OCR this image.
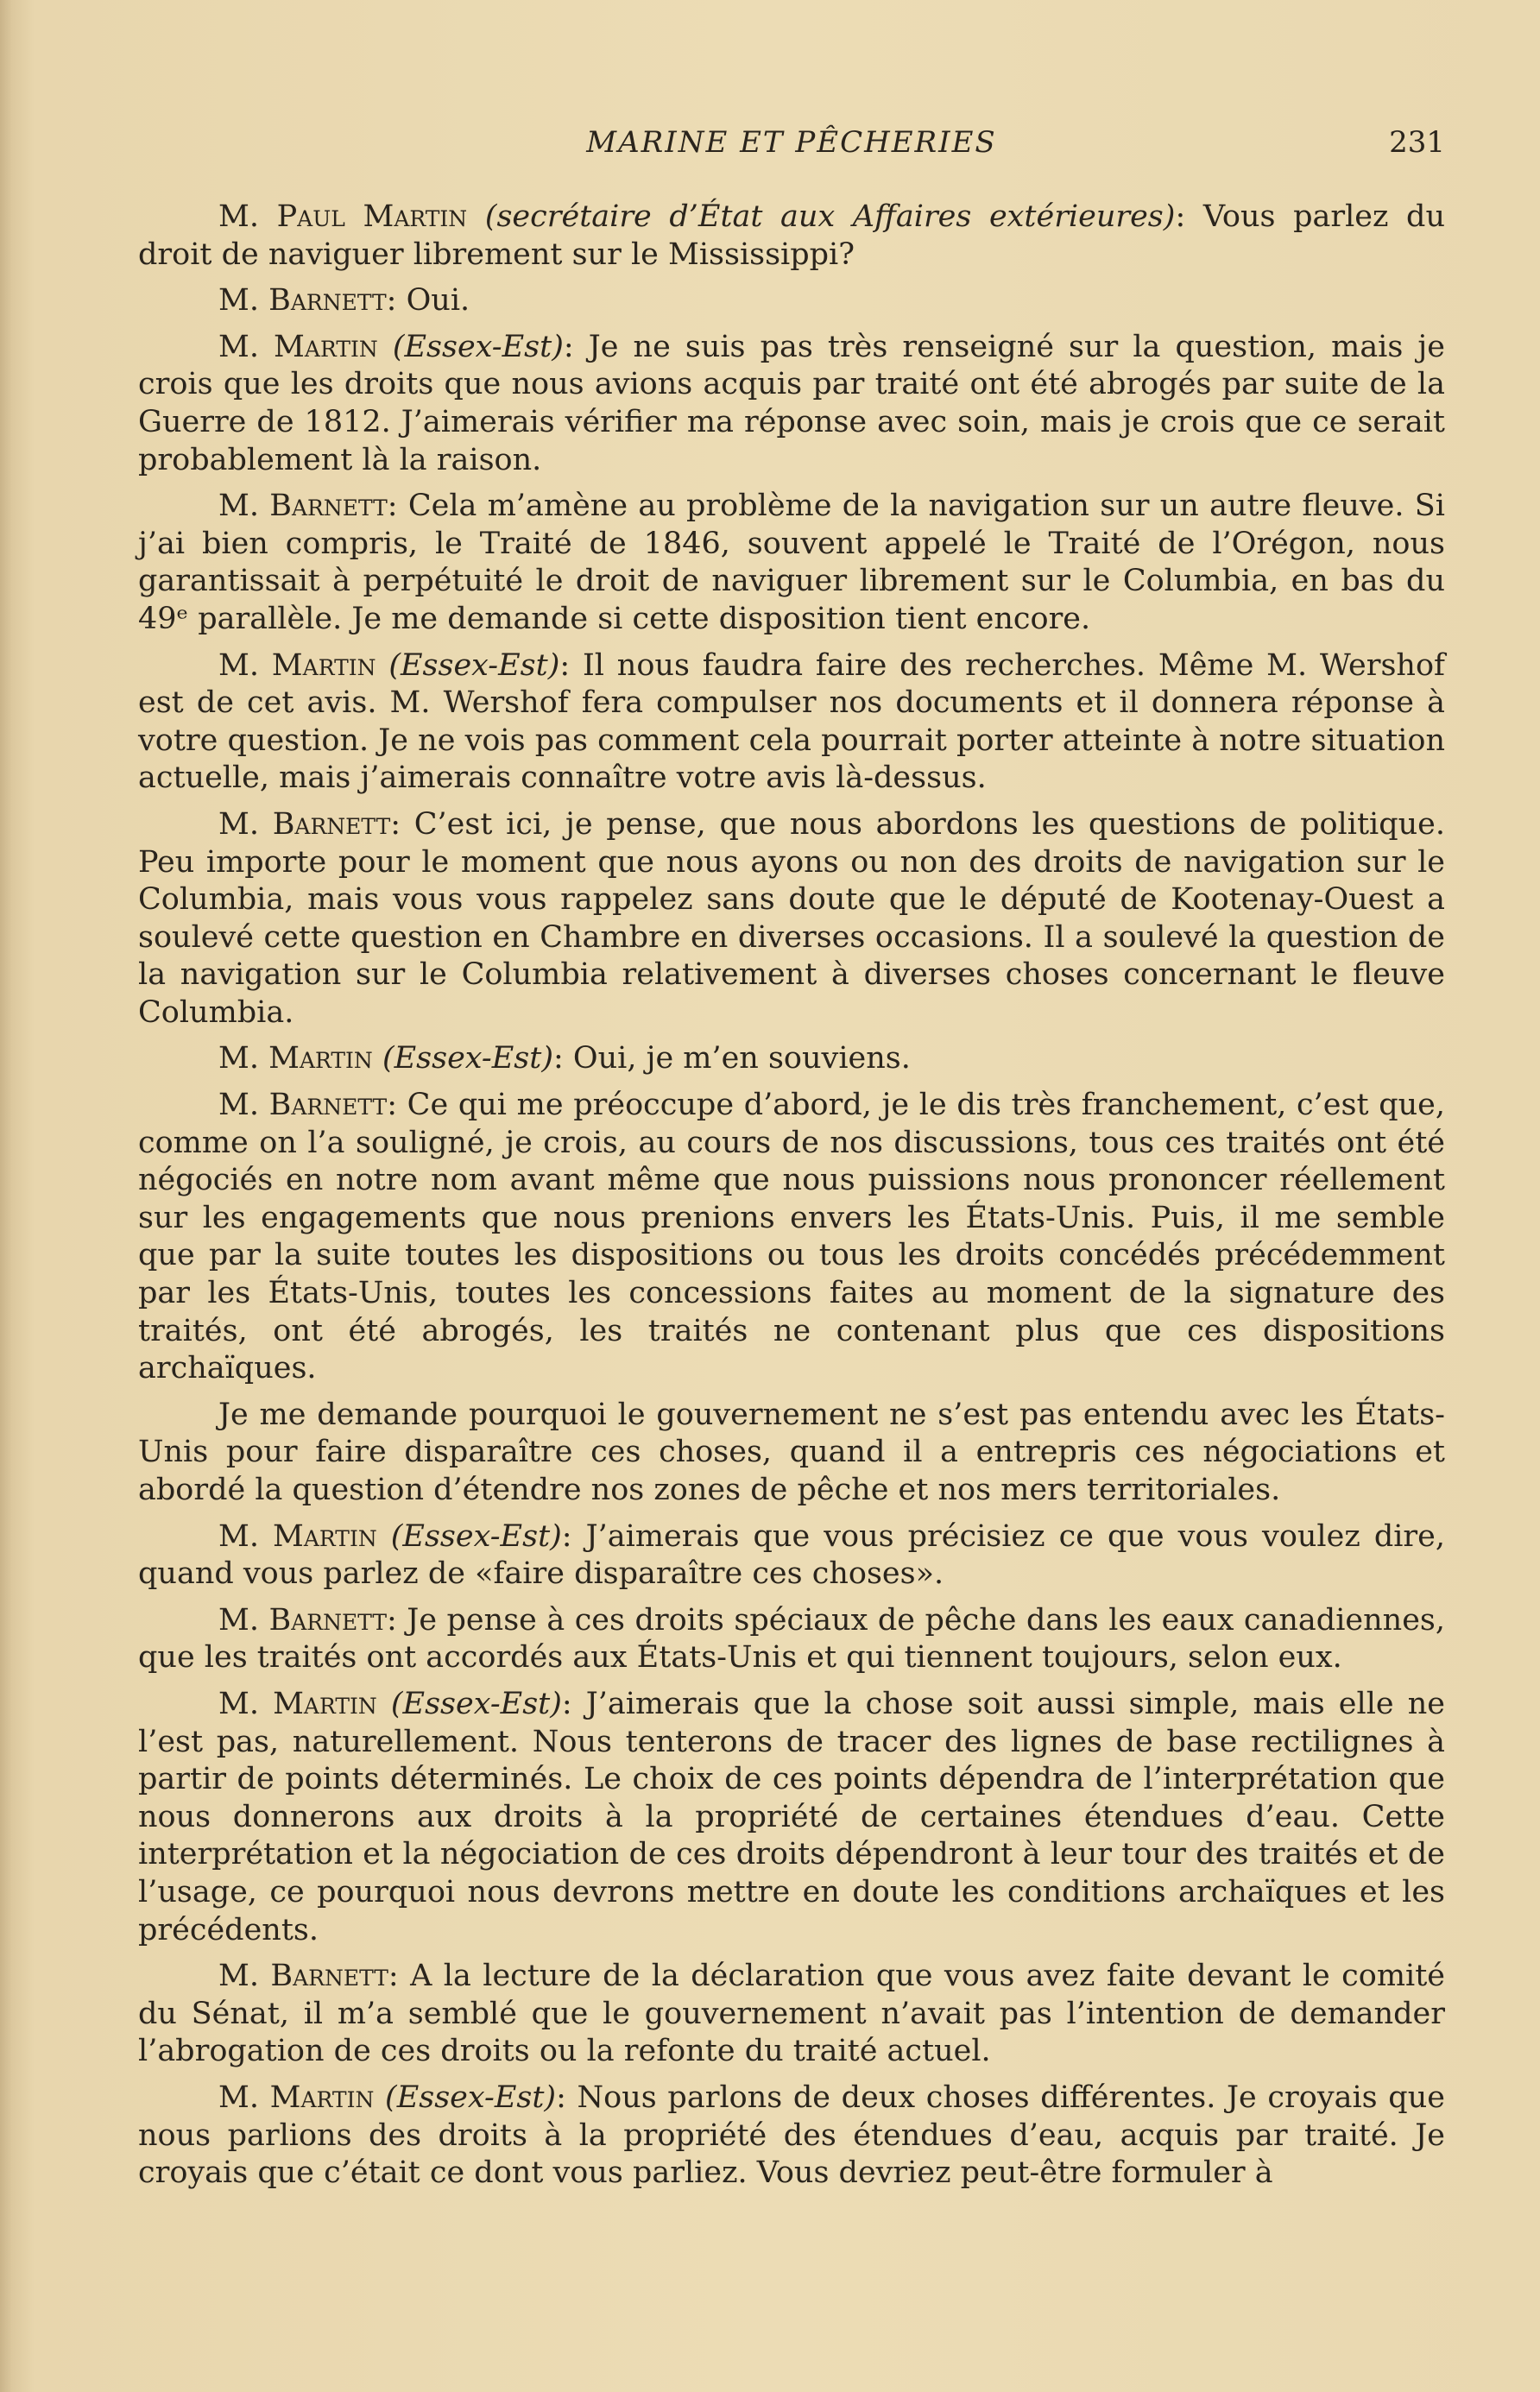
MARINE ET PÊCHERIES	231

M. Paul Martin (secrétaire d’État aux Affaires extérieures): Vous parlez du droit de naviguer librement sur le Mississippi?

M. Barnett: Oui.

M. Martin (Essex-Est): Je ne suis pas très renseigné sur la question, mais je crois que les droits que nous avions acquis par traité ont été abrogés par suite de la Guerre de 1812. J’aimerais vérifier ma réponse avec soin, mais je crois que ce serait probablement là la raison.

M. Barnett: Cela m’amène au problème de la navigation sur un autre fleuve. Si j’ai bien compris, le Traité de 1846, souvent appelé le Traité de l’Orégon, nous garantissait à perpétuité le droit de naviguer librement sur le Columbia, en bas du 49ᵉ parallèle. Je me demande si cette disposition tient encore.

M. Martin (Essex-Est): Il nous faudra faire des recherches. Même M. Wershof est de cet avis. M. Wershof fera compulser nos documents et il donnera réponse à votre question. Je ne vois pas comment cela pourrait porter atteinte à notre situation actuelle, mais j’aimerais connaître votre avis là-dessus.

M. Barnett: C’est ici, je pense, que nous abordons les questions de politique. Peu importe pour le moment que nous ayons ou non des droits de navigation sur le Columbia, mais vous vous rappelez sans doute que le député de Kootenay-Ouest a soulevé cette question en Chambre en diverses occasions. Il a soulevé la question de la navigation sur le Columbia relativement à diverses choses concernant le fleuve Columbia.

M. Martin (Essex-Est): Oui, je m’en souviens.

M. Barnett: Ce qui me préoccupe d’abord, je le dis très franchement, c’est que, comme on l’a souligné, je crois, au cours de nos discussions, tous ces traités ont été négociés en notre nom avant même que nous puissions nous prononcer réellement sur les engagements que nous prenions envers les États-Unis. Puis, il me semble que par la suite toutes les dispositions ou tous les droits concédés précédemment par les États-Unis, toutes les concessions faites au moment de la signature des traités, ont été abrogés, les traités ne contenant plus que ces dispositions archaïques.

Je me demande pourquoi le gouvernement ne s’est pas entendu avec les États-Unis pour faire disparaître ces choses, quand il a entrepris ces négociations et abordé la question d’étendre nos zones de pêche et nos mers territoriales.

M. Martin (Essex-Est): J’aimerais que vous précisiez ce que vous voulez dire, quand vous parlez de «faire disparaître ces choses».

M. Barnett: Je pense à ces droits spéciaux de pêche dans les eaux canadiennes, que les traités ont accordés aux États-Unis et qui tiennent toujours, selon eux.

M. Martin (Essex-Est): J’aimerais que la chose soit aussi simple, mais elle ne l’est pas, naturellement. Nous tenterons de tracer des lignes de base rectilignes à partir de points déterminés. Le choix de ces points dépendra de l’interprétation que nous donnerons aux droits à la propriété de certaines étendues d’eau. Cette interprétation et la négociation de ces droits dépendront à leur tour des traités et de l’usage, ce pourquoi nous devrons mettre en doute les conditions archaïques et les précédents.

M. Barnett: A la lecture de la déclaration que vous avez faite devant le comité du Sénat, il m’a semblé que le gouvernement n’avait pas l’intention de demander l’abrogation de ces droits ou la refonte du traité actuel.

M. Martin (Essex-Est): Nous parlons de deux choses différentes. Je croyais que nous parlions des droits à la propriété des étendues d’eau, acquis par traité. Je croyais que c’était ce dont vous parliez. Vous devriez peut-être formuler à
